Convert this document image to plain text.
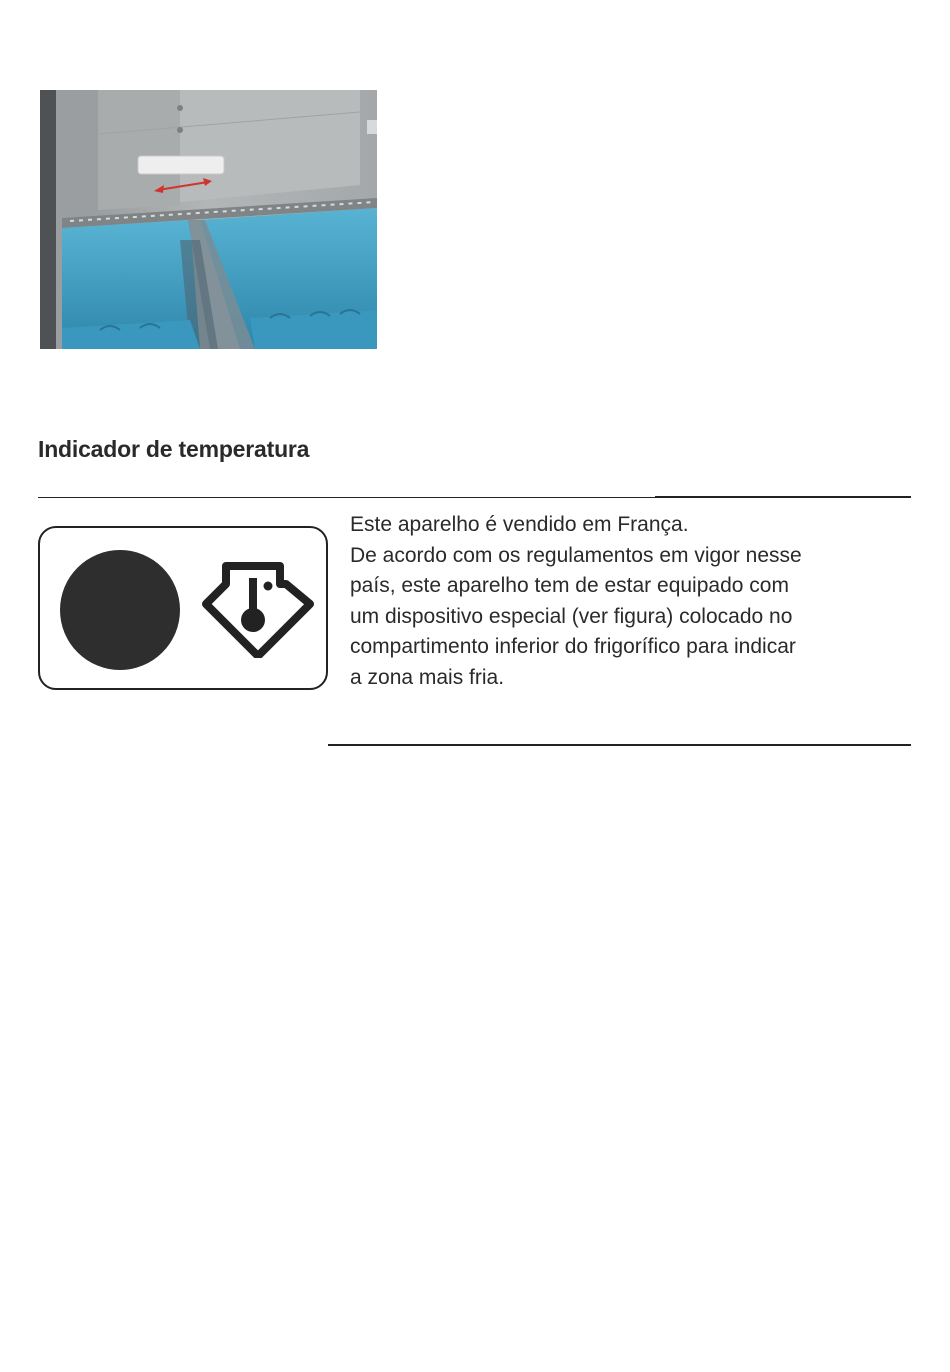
Indicador de temperatura

Este aparelho é vendido em França.
De acordo com os regulamentos em vigor nesse
país, este aparelho tem de estar equipado com
um dispositivo especial (ver figura) colocado no
compartimento inferior do frigorífico para indicar
a zona mais fria.
